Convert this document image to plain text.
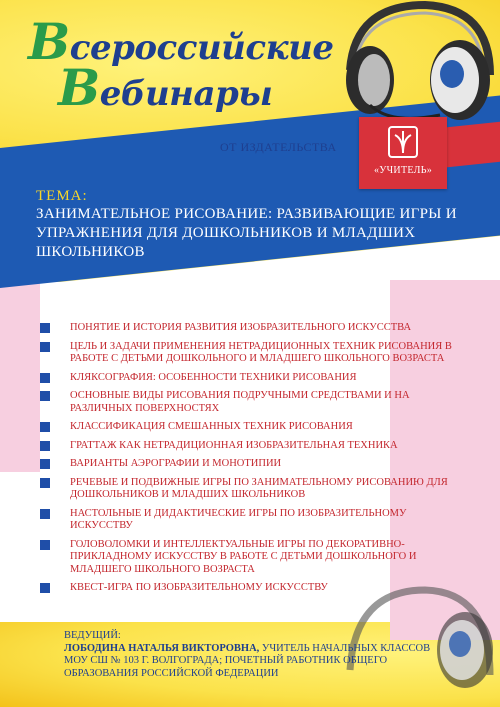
Всероссийские
Вебинары
ОТ ИЗДАТЕЛЬСТВА
«УЧИТЕЛЬ»
ТЕМА:
ЗАНИМАТЕЛЬНОЕ РИСОВАНИЕ: РАЗВИВАЮЩИЕ ИГРЫ И УПРАЖНЕНИЯ ДЛЯ ДОШКОЛЬНИКОВ И МЛАДШИХ ШКОЛЬНИКОВ
ПОНЯТИЕ И ИСТОРИЯ РАЗВИТИЯ ИЗОБРАЗИТЕЛЬНОГО ИСКУССТВА
ЦЕЛЬ И ЗАДАЧИ ПРИМЕНЕНИЯ НЕТРАДИЦИОННЫХ ТЕХНИК РИСОВАНИЯ В РАБОТЕ С ДЕТЬМИ ДОШКОЛЬНОГО И МЛАДШЕГО ШКОЛЬНОГО ВОЗРАСТА
КЛЯКСОГРАФИЯ: ОСОБЕННОСТИ ТЕХНИКИ РИСОВАНИЯ
ОСНОВНЫЕ ВИДЫ РИСОВАНИЯ ПОДРУЧНЫМИ СРЕДСТВАМИ И НА РАЗЛИЧНЫХ ПОВЕРХНОСТЯХ
КЛАССИФИКАЦИЯ СМЕШАННЫХ ТЕХНИК РИСОВАНИЯ
ГРАТТАЖ КАК НЕТРАДИЦИОННАЯ ИЗОБРАЗИТЕЛЬНАЯ ТЕХНИКА
ВАРИАНТЫ АЭРОГРАФИИ И МОНОТИПИИ
РЕЧЕВЫЕ И ПОДВИЖНЫЕ ИГРЫ ПО ЗАНИМАТЕЛЬНОМУ РИСОВАНИЮ ДЛЯ ДОШКОЛЬНИКОВ И МЛАДШИХ ШКОЛЬНИКОВ
НАСТОЛЬНЫЕ И ДИДАКТИЧЕСКИЕ ИГРЫ ПО ИЗОБРАЗИТЕЛЬНОМУ ИСКУССТВУ
ГОЛОВОЛОМКИ И ИНТЕЛЛЕКТУАЛЬНЫЕ ИГРЫ ПО ДЕКОРАТИВНО-ПРИКЛАДНОМУ ИСКУССТВУ В РАБОТЕ С ДЕТЬМИ ДОШКОЛЬНОГО И МЛАДШЕГО ШКОЛЬНОГО ВОЗРАСТА
КВЕСТ-ИГРА ПО ИЗОБРАЗИТЕЛЬНОМУ ИСКУССТВУ
ВЕДУЩИЙ:
ЛОБОДИНА НАТАЛЬЯ ВИКТОРОВНА, УЧИТЕЛЬ НАЧАЛЬНЫХ КЛАССОВ МОУ СШ № 103 Г. ВОЛГОГРАДА; ПОЧЕТНЫЙ РАБОТНИК ОБЩЕГО ОБРАЗОВАНИЯ РОССИЙСКОЙ ФЕДЕРАЦИИ
